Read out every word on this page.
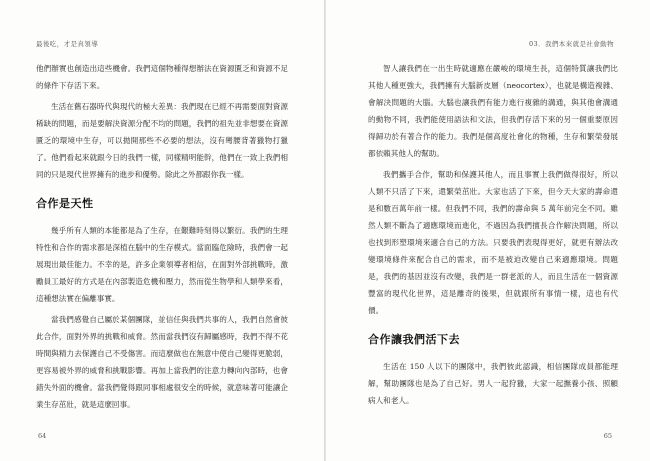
最後吃，才是真領導

他們辦實也創造出這些機會。我們這個物種得想辦法在資源匱乏和資源不足的條件下存活下來。

生活在舊石器時代與現代的極大差異：我們現在已經不再需要面對資源稀缺的問題，而是要解決資源分配不均的問題，我們的祖先並非想要在資源匱乏的環境中生存，可以拋開那些不必要的想法，沒有彎腰背著獵物打獵了。他們看起來就跟今日的我們一樣，同樣精明能幹，他們在一致上我們相同的只是現代世界擁有的進步和優勢。除此之外都跟你我一樣。

合作是天性

幾乎所有人類的本能都是為了生存，在艱難時刻得以繁衍。我們的生理特性和合作的需求都是深植在腦中的生存模式。當面臨危險時，我們會一起展現出最佳能力。不幸的是，許多企業領導者相信，在面對外部挑戰時，激勵員工最好的方式是在內部製造危機和壓力，然而從生物學和人類學來看，這種想法實在偏離事實。

當我們感覺自己屬於某個團隊，並信任與我們共事的人，我們自然會彼此合作，面對外界的挑戰和威脅。然而當我們沒有歸屬感時，我們不得不花時間與精力去保護自己不受傷害。而這麼做也在無意中使自己變得更脆弱，更容易被外界的威脅和挑戰影響。再加上當我們的注意力轉向內部時，也會錯失外面的機會。當我們覺得跟同事相處很安全的時候，就意味著可能讓企業生存茁壯，就是這麼回事。

64
03．我們本來就是社會動物

智人讓我們在一出生時就適應在嚴峻的環境生長，這個特質讓我們比其他人種更強大，我們擁有大腦新皮層（neocortex），也就是構造複雜、會解決問題的大腦。大腦也讓我們有能力進行複雜的溝通，與其他會溝通的動物不同，我們能使用語法和文法，但我們存活下來的另一個重要原因得歸功於有著合作的能力。我們是個高度社會化的物種，生存和繁榮發展都依賴其他人的幫助。

我們攜手合作，幫助和保護其他人，而且事實上我們做得很好，所以人類不只活了下來，還繁榮茁壯。大家也活了下來，但今天大家的壽命還是和數百萬年前一樣。但我們不同，我們的壽命與 5 萬年前完全不同。雖然人類不斷為了適應環境而進化，不過因為我們擅長合作解決問題，所以也找到形塑環境來適合自己的方法。只要我們表現得更好，就更有辦法改變環境條件來配合自己的需求，而不是被迫改變自己來適應環境。問題是，我們的基因並沒有改變，我們是一群老派的人，而且生活在一個資源豐富的現代化世界，這是離奇的後果，但就跟所有事情一樣，這也有代價。

合作讓我們活下去

生活在 150 人以下的團隊中，我們彼此認識，相信團隊成員都能理解，幫助團隊也是為了自己好。男人一起狩獵，大家一起撫養小孩、照顧病人和老人。

65
